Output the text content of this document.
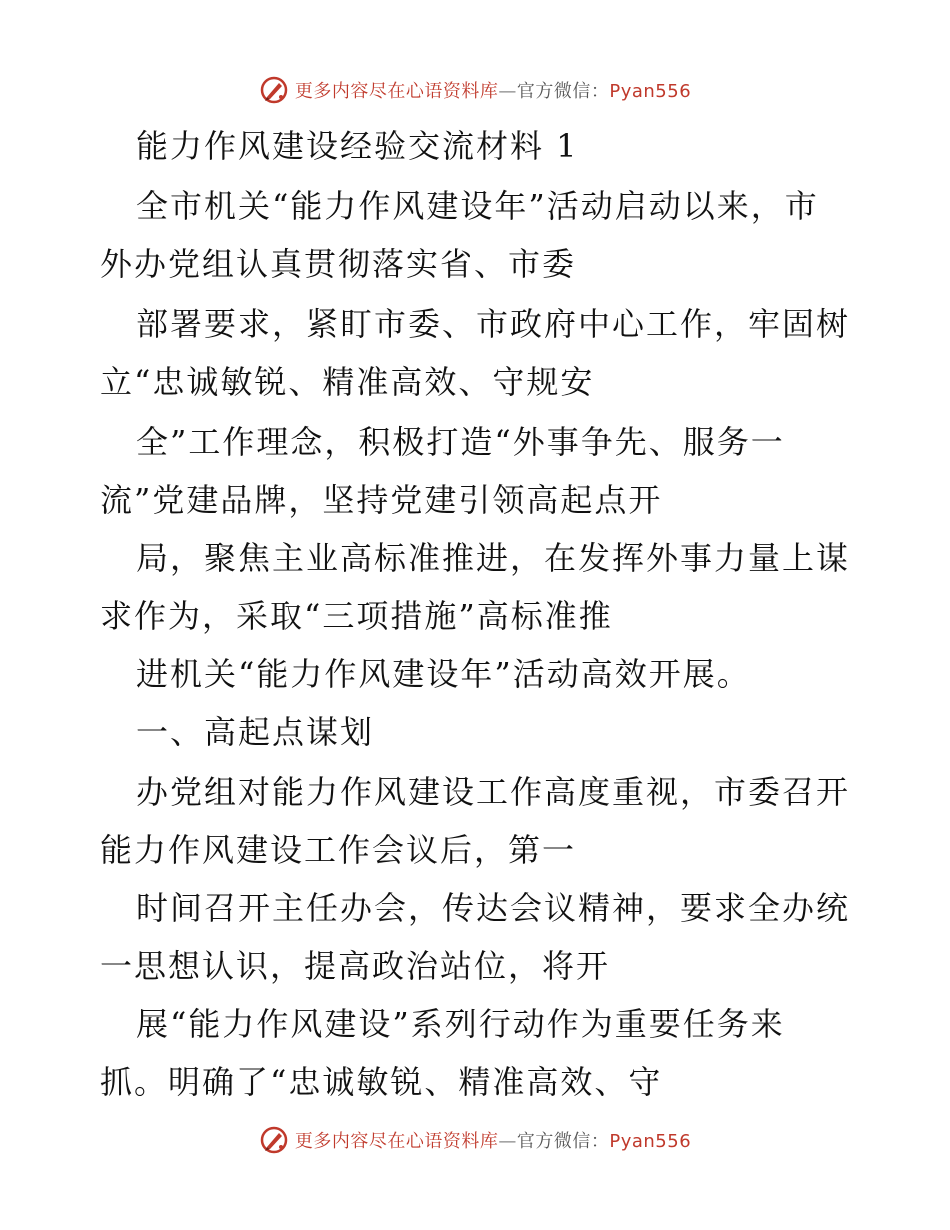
更多内容尽在心语资料库—官方微信：Pyan556
能力作风建设经验交流材料 1
全市机关“能力作风建设年”活动启动以来，市
外办党组认真贯彻落实省、市委
部署要求，紧盯市委、市政府中心工作，牢固树
立“忠诚敏锐、精准高效、守规安
全”工作理念，积极打造“外事争先、服务一
流”党建品牌，坚持党建引领高起点开
局，聚焦主业高标准推进，在发挥外事力量上谋
求作为，采取“三项措施”高标准推
进机关“能力作风建设年”活动高效开展。
一、高起点谋划
办党组对能力作风建设工作高度重视，市委召开
能力作风建设工作会议后，第一
时间召开主任办会，传达会议精神，要求全办统
一思想认识，提高政治站位，将开
展“能力作风建设”系列行动作为重要任务来
抓。明确了“忠诚敏锐、精准高效、守
更多内容尽在心语资料库—官方微信：Pyan556
